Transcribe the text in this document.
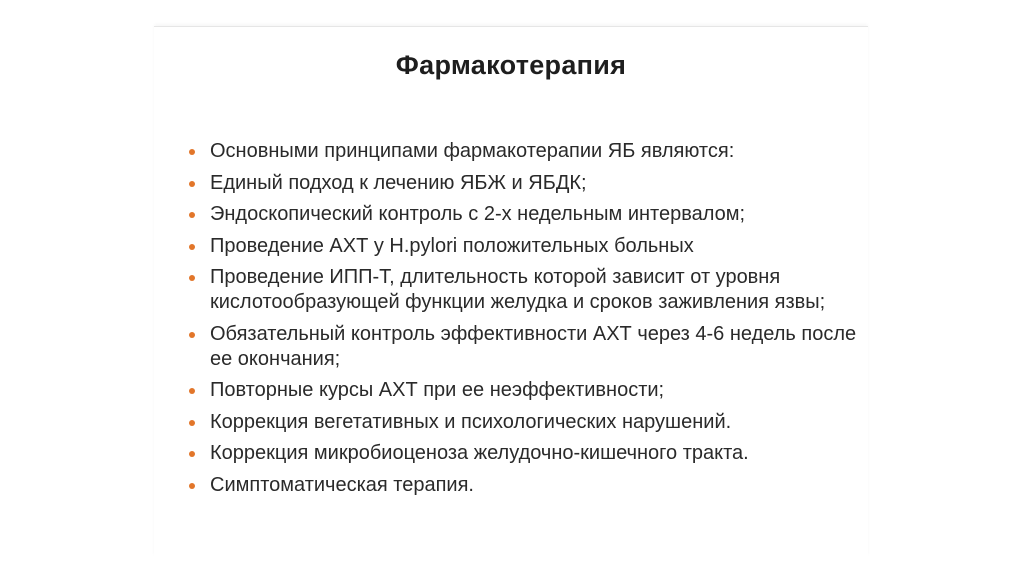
Фармакотерапия
Основными принципами фармакотерапии ЯБ являются:
Единый подход к лечению ЯБЖ и ЯБДК;
Эндоскопический контроль с 2-х недельным интервалом;
Проведение АХТ у H.pylori положительных больных
Проведение ИПП-Т, длительность которой зависит от уровня кислотообразующей функции желудка и сроков заживления язвы;
Обязательный контроль эффективности АХТ через 4-6 недель после ее окончания;
Повторные курсы АХТ при ее неэффективности;
Коррекция вегетативных и психологических нарушений.
Коррекция микробиоценоза желудочно-кишечного тракта.
Симптоматическая терапия.
